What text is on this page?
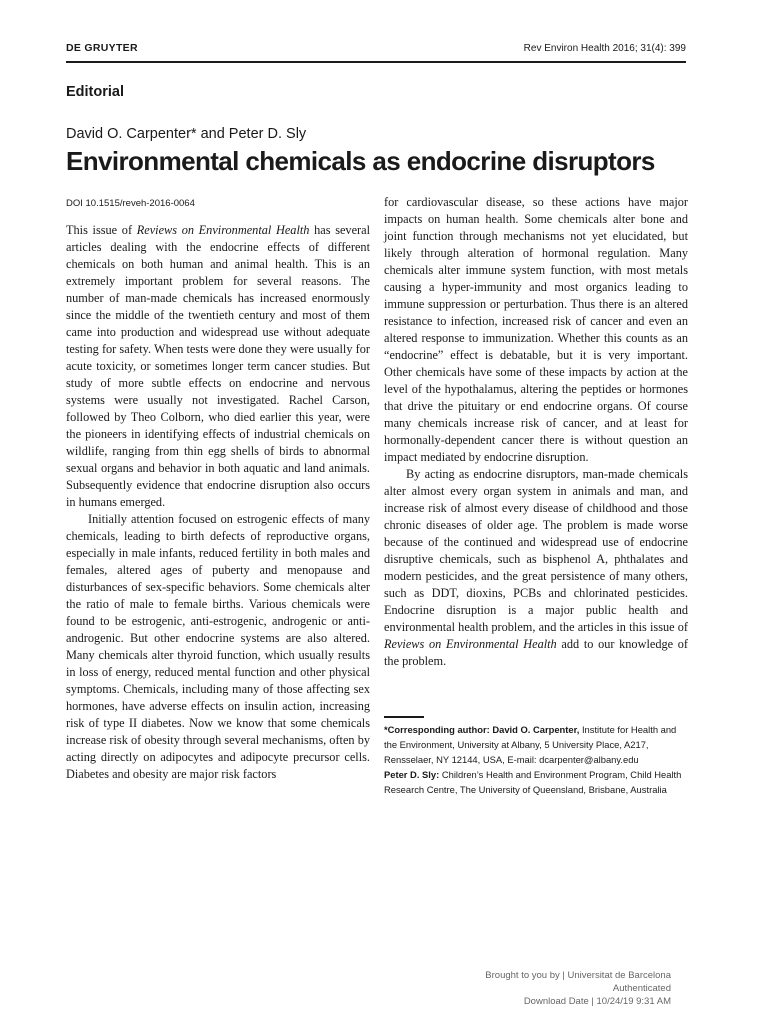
DE GRUYTER	Rev Environ Health 2016; 31(4): 399
Editorial
David O. Carpenter* and Peter D. Sly
Environmental chemicals as endocrine disruptors
DOI 10.1515/reveh-2016-0064

This issue of Reviews on Environmental Health has several articles dealing with the endocrine effects of different chemicals on both human and animal health. This is an extremely important problem for several reasons. The number of man-made chemicals has increased enormously since the middle of the twentieth century and most of them came into production and widespread use without adequate testing for safety. When tests were done they were usually for acute toxicity, or sometimes longer term cancer studies. But study of more subtle effects on endocrine and nervous systems were usually not investigated. Rachel Carson, followed by Theo Colborn, who died earlier this year, were the pioneers in identifying effects of industrial chemicals on wildlife, ranging from thin egg shells of birds to abnormal sexual organs and behavior in both aquatic and land animals. Subsequently evidence that endocrine disruption also occurs in humans emerged.

Initially attention focused on estrogenic effects of many chemicals, leading to birth defects of reproductive organs, especially in male infants, reduced fertility in both males and females, altered ages of puberty and menopause and disturbances of sex-specific behaviors. Some chemicals alter the ratio of male to female births. Various chemicals were found to be estrogenic, anti-estrogenic, androgenic or anti-androgenic. But other endocrine systems are also altered. Many chemicals alter thyroid function, which usually results in loss of energy, reduced mental function and other physical symptoms. Chemicals, including many of those affecting sex hormones, have adverse effects on insulin action, increasing risk of type II diabetes. Now we know that some chemicals increase risk of obesity through several mechanisms, often by acting directly on adipocytes and adipocyte precursor cells. Diabetes and obesity are major risk factors

for cardiovascular disease, so these actions have major impacts on human health. Some chemicals alter bone and joint function through mechanisms not yet elucidated, but likely through alteration of hormonal regulation. Many chemicals alter immune system function, with most metals causing a hyper-immunity and most organics leading to immune suppression or perturbation. Thus there is an altered resistance to infection, increased risk of cancer and even an altered response to immunization. Whether this counts as an “endocrine” effect is debatable, but it is very important. Other chemicals have some of these impacts by action at the level of the hypothalamus, altering the peptides or hormones that drive the pituitary or end endocrine organs. Of course many chemicals increase risk of cancer, and at least for hormonally-dependent cancer there is without question an impact mediated by endocrine disruption.

By acting as endocrine disruptors, man-made chemicals alter almost every organ system in animals and man, and increase risk of almost every disease of childhood and those chronic diseases of older age. The problem is made worse because of the continued and widespread use of endocrine disruptive chemicals, such as bisphenol A, phthalates and modern pesticides, and the great persistence of many others, such as DDT, dioxins, PCBs and chlorinated pesticides. Endocrine disruption is a major public health and environmental health problem, and the articles in this issue of Reviews on Environmental Health add to our knowledge of the problem.

*Corresponding author: David O. Carpenter, Institute for Health and the Environment, University at Albany, 5 University Place, A217, Rensselaer, NY 12144, USA, E-mail: dcarpenter@albany.edu

Peter D. Sly: Children’s Health and Environment Program, Child Health Research Centre, The University of Queensland, Brisbane, Australia

Brought to you by | Universitat de Barcelona
Authenticated
Download Date | 10/24/19 9:31 AM
